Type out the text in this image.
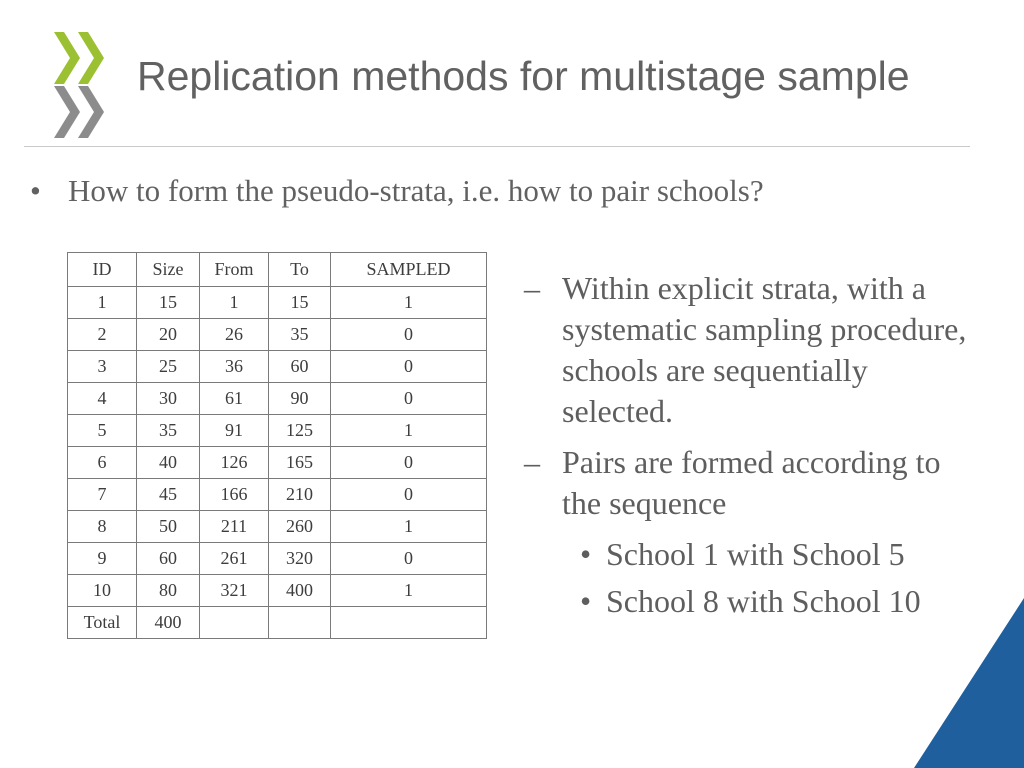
Replication methods for multistage sample
• How to form the pseudo-strata, i.e. how to pair schools?
ID	Size	From	To	SAMPLED
1	15	1	15	1
2	20	26	35	0
3	25	36	60	0
4	30	61	90	0
5	35	91	125	1
6	40	126	165	0
7	45	166	210	0
8	50	211	260	1
9	60	261	320	0
10	80	321	400	1
Total	400			
– Within explicit strata, with a systematic sampling procedure, schools are sequentially selected.
– Pairs are formed according to the sequence
• School 1 with School 5
• School 8 with School 10
